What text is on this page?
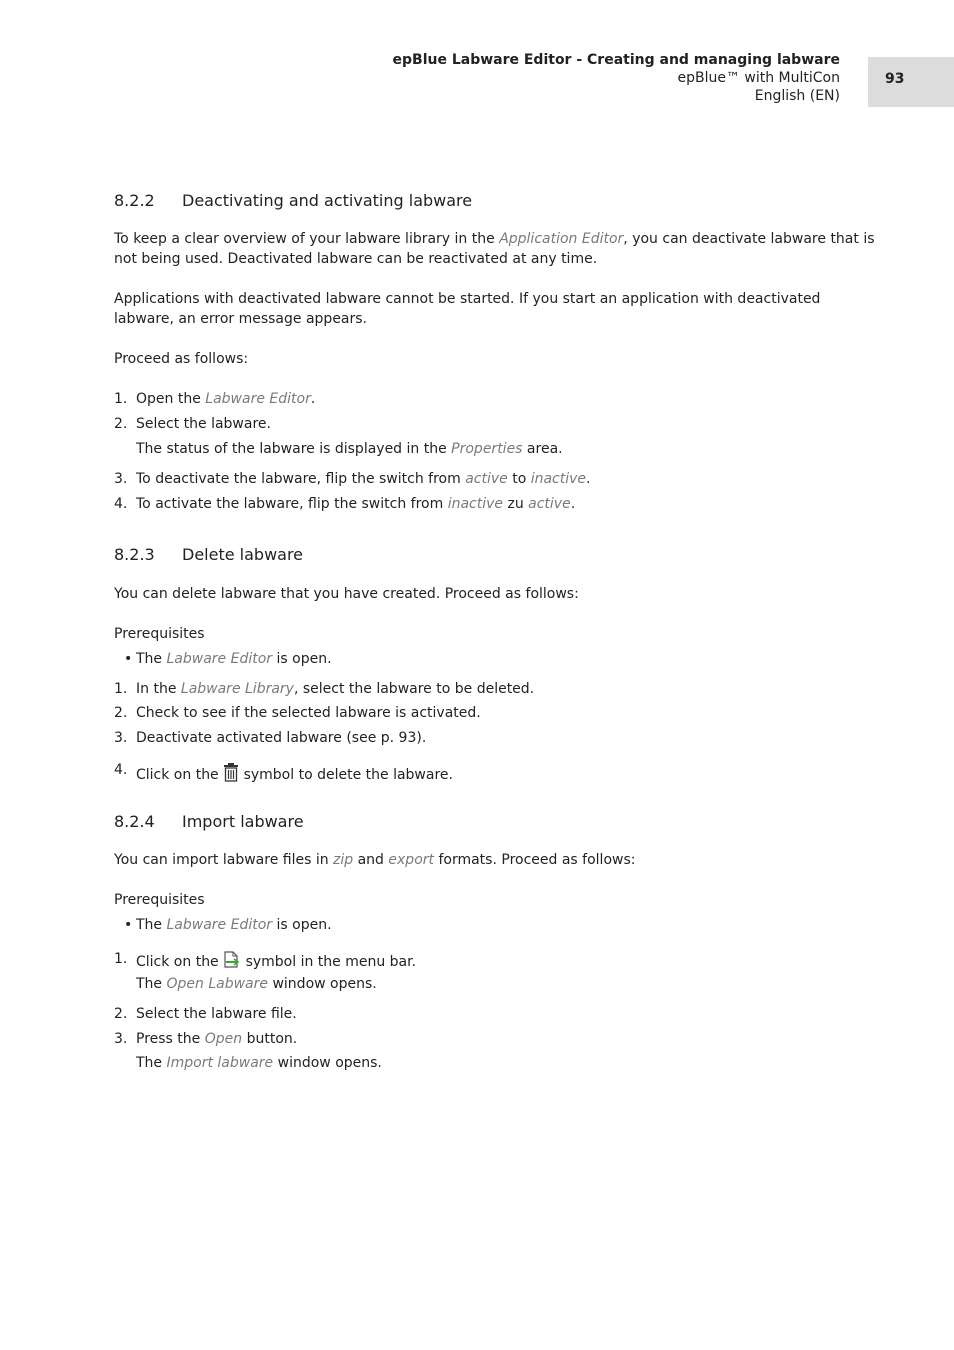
epBlue Labware Editor - Creating and managing labware
epBlue™ with MultiCon
English (EN)
93
8.2.2 Deactivating and activating labware
To keep a clear overview of your labware library in the Application Editor, you can deactivate labware that is
not being used. Deactivated labware can be reactivated at any time.
Applications with deactivated labware cannot be started. If you start an application with deactivated
labware, an error message appears.
Proceed as follows:
1. Open the Labware Editor.
2. Select the labware.
The status of the labware is displayed in the Properties area.
3. To deactivate the labware, flip the switch from active to inactive.
4. To activate the labware, flip the switch from inactive zu active.
8.2.3 Delete labware
You can delete labware that you have created. Proceed as follows:
Prerequisites
• The Labware Editor is open.
1. In the Labware Library, select the labware to be deleted.
2. Check to see if the selected labware is activated.
3. Deactivate activated labware (see p. 93).
4. Click on the  symbol to delete the labware.
8.2.4 Import labware
You can import labware files in zip and export formats. Proceed as follows:
Prerequisites
• The Labware Editor is open.
1. Click on the  symbol in the menu bar.
The Open Labware window opens.
2. Select the labware file.
3. Press the Open button.
The Import labware window opens.
